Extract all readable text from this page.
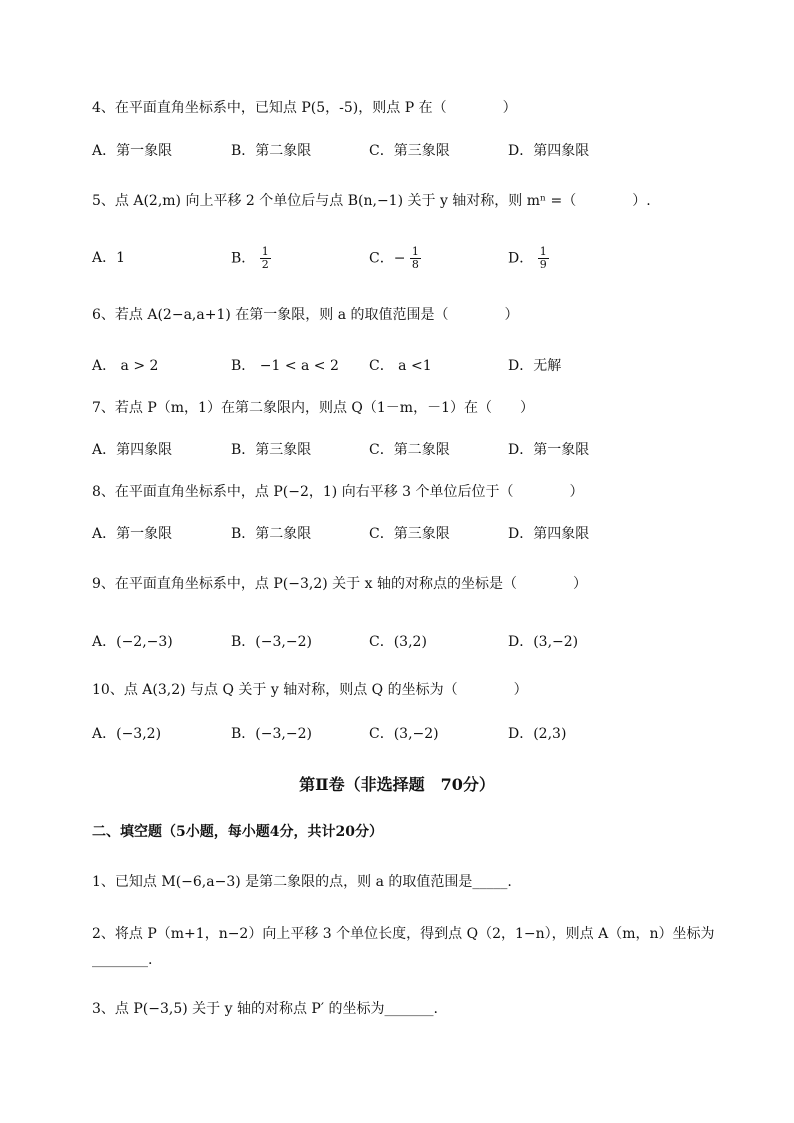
4、在平面直角坐标系中，已知点 P(5，-5)，则点 P 在（　　　　）
A．第一象限	B．第二象限	C．第三象限	D．第四象限
5、点 A(2,m) 向上平移 2 个单位后与点 B(n,−1) 关于 y 轴对称，则 mⁿ =（　　　　）.
A．1	B． $\frac{1}{2}$	C．− $\frac{1}{8}$	D． $\frac{1}{9}$
6、若点 A(2−a,a+1) 在第一象限，则 a 的取值范围是（　　　　）
A． a > 2	B． −1 < a < 2 C． a <1	D．无解
7、若点 P（m，1）在第二象限内，则点 Q（1－m，－1）在（　　）
A．第四象限	B．第三象限	C．第二象限	D．第一象限
8、在平面直角坐标系中，点 P(−2，1) 向右平移 3 个单位后位于（　　　　）
A．第一象限	B．第二象限	C．第三象限	D．第四象限
9、在平面直角坐标系中，点 P(−3,2) 关于 x 轴的对称点的坐标是（　　　　）
A．(−2,−3)	B．(−3,−2)	C．(3,2)	D．(3,−2)
10、点 A(3,2) 与点 Q 关于 y 轴对称，则点 Q 的坐标为（　　　　）
A．(−3,2)	B．(−3,−2)	C．(3,−2)	D．(2,3)
第Ⅱ卷（非选择题　70分）
二、填空题（5小题，每小题4分，共计20分）
1、已知点 M(−6,a−3) 是第二象限的点，则 a 的取值范围是_____.
2、将点 P（m+1，n−2）向上平移 3 个单位长度，得到点 Q（2，1−n），则点 A（m，n）坐标为
________.
3、点 P(−3,5) 关于 y 轴的对称点 P′ 的坐标为_______.
